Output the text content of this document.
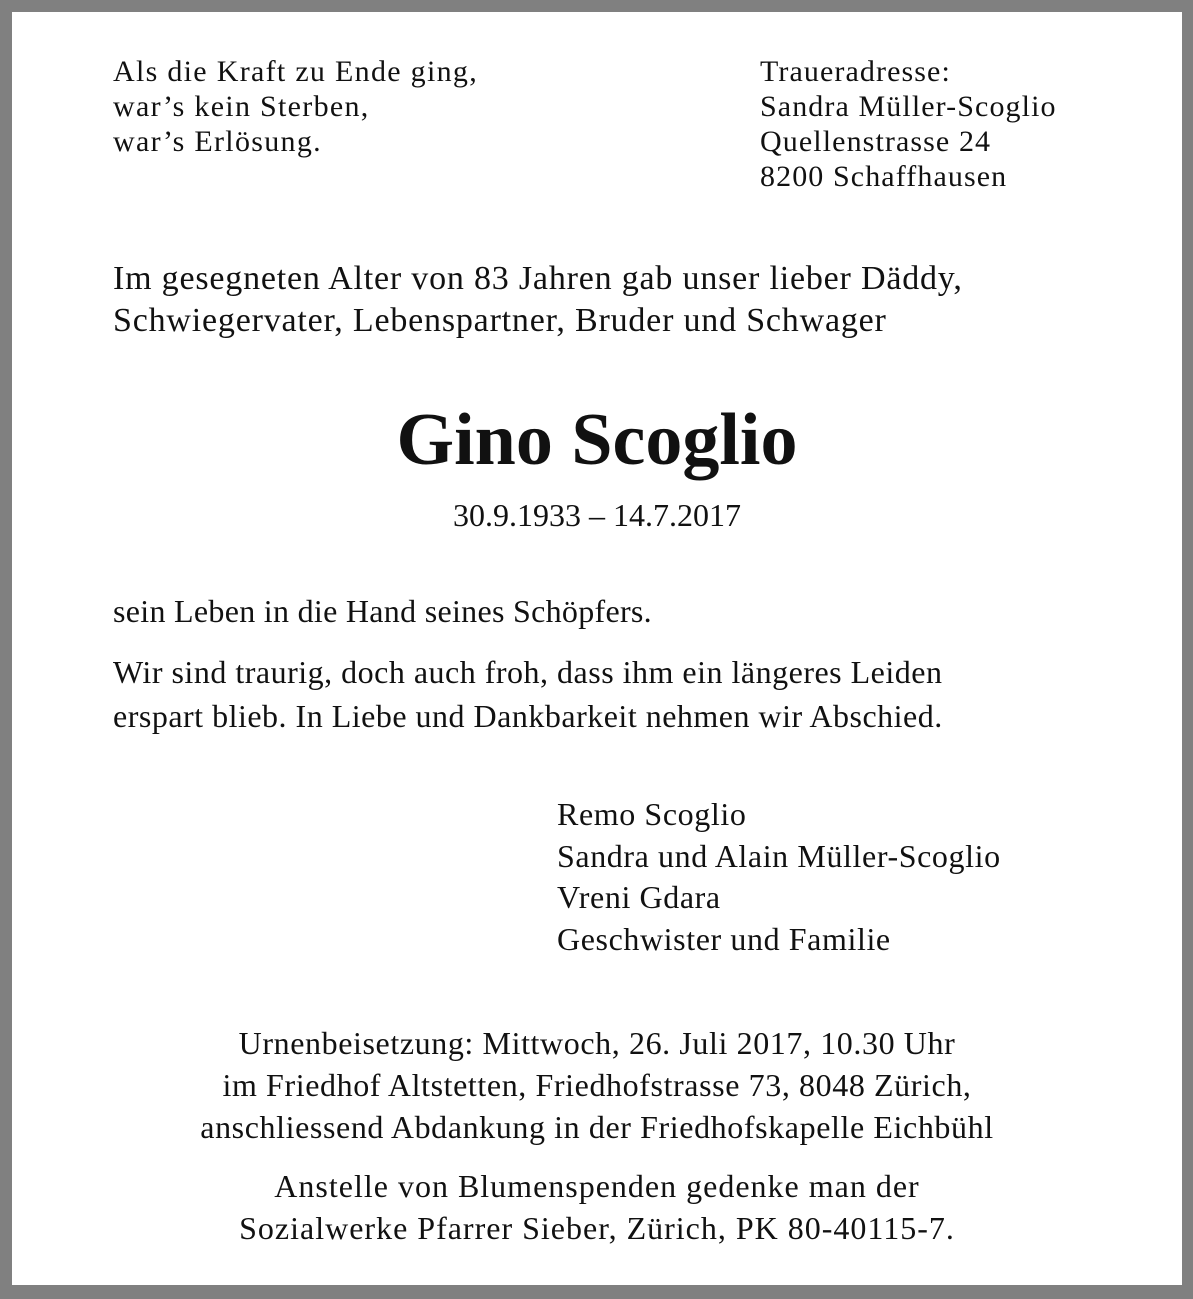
Als die Kraft zu Ende ging,
war’s kein Sterben,
war’s Erlösung.
Traueradresse:
Sandra Müller-Scoglio
Quellenstrasse 24
8200 Schaffhausen
Im gesegneten Alter von 83 Jahren gab unser lieber Däddy,
Schwiegervater, Lebenspartner, Bruder und Schwager
Gino Scoglio
30.9.1933 – 14.7.2017
sein Leben in die Hand seines Schöpfers.
Wir sind traurig, doch auch froh, dass ihm ein längeres Leiden
erspart blieb. In Liebe und Dankbarkeit nehmen wir Abschied.
Remo Scoglio
Sandra und Alain Müller-Scoglio
Vreni Gdara
Geschwister und Familie
Urnenbeisetzung: Mittwoch, 26. Juli 2017, 10.30 Uhr
im Friedhof Altstetten, Friedhofstrasse 73, 8048 Zürich,
anschliessend Abdankung in der Friedhofskapelle Eichbühl
Anstelle von Blumenspenden gedenke man der
Sozialwerke Pfarrer Sieber, Zürich, PK 80-40115-7.
